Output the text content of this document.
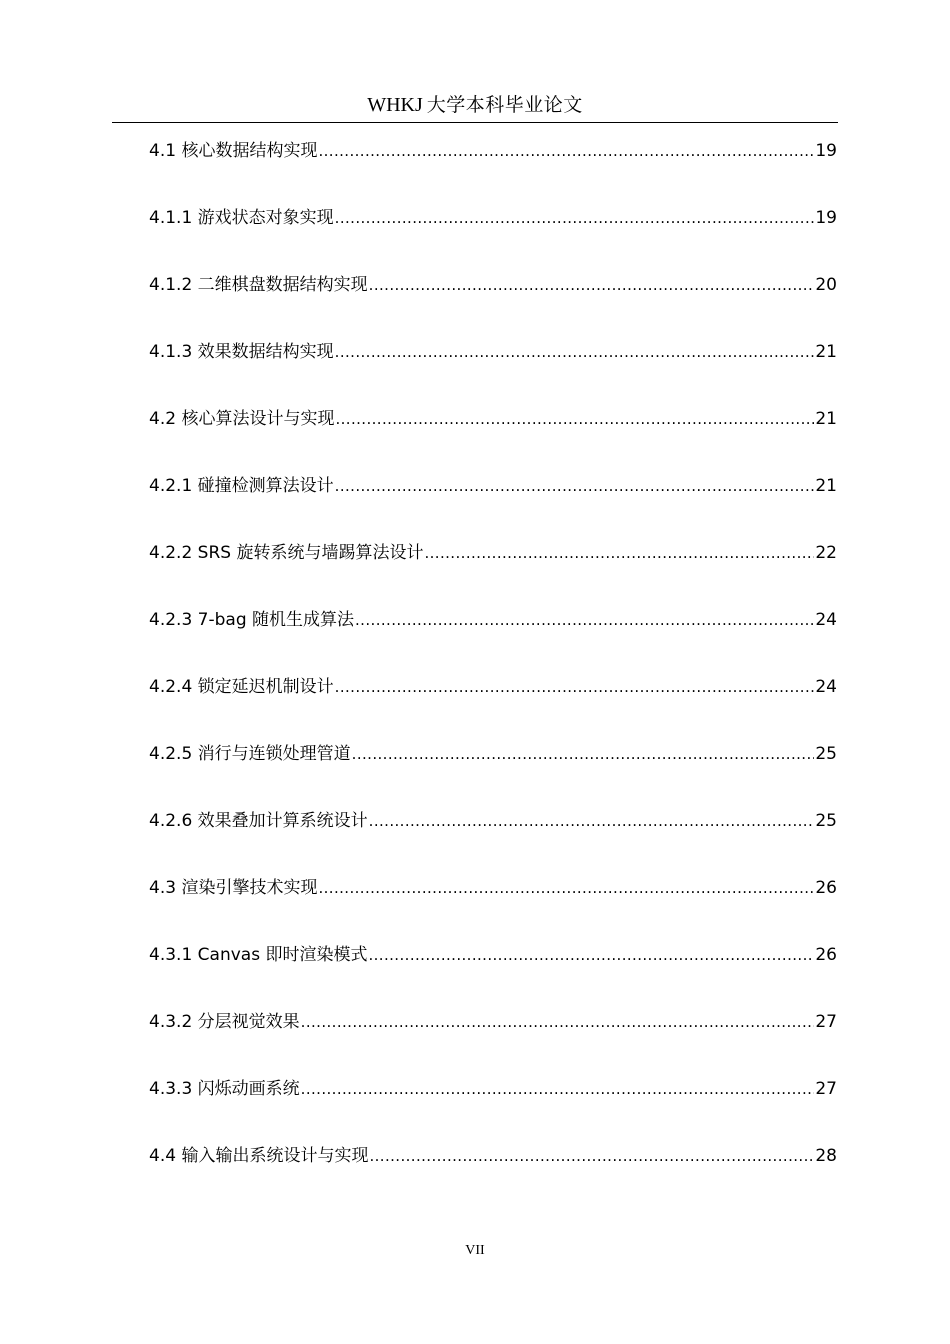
WHKJ 大学本科毕业论文
4.1 核心数据结构实现 .....	19
4.1.1 游戏状态对象实现 .....	19
4.1.2 二维棋盘数据结构实现 .....	20
4.1.3 效果数据结构实现 .....	21
4.2 核心算法设计与实现 .....	21
4.2.1 碰撞检测算法设计 .....	21
4.2.2 SRS 旋转系统与墙踢算法设计 .....	22
4.2.3 7-bag 随机生成算法 .....	24
4.2.4 锁定延迟机制设计 .....	24
4.2.5 消行与连锁处理管道 .....	25
4.2.6 效果叠加计算系统设计 .....	25
4.3 渲染引擎技术实现 .....	26
4.3.1 Canvas 即时渲染模式 .....	26
4.3.2 分层视觉效果 .....	27
4.3.3 闪烁动画系统 .....	27
4.4 输入输出系统设计与实现 .....	28
VII
